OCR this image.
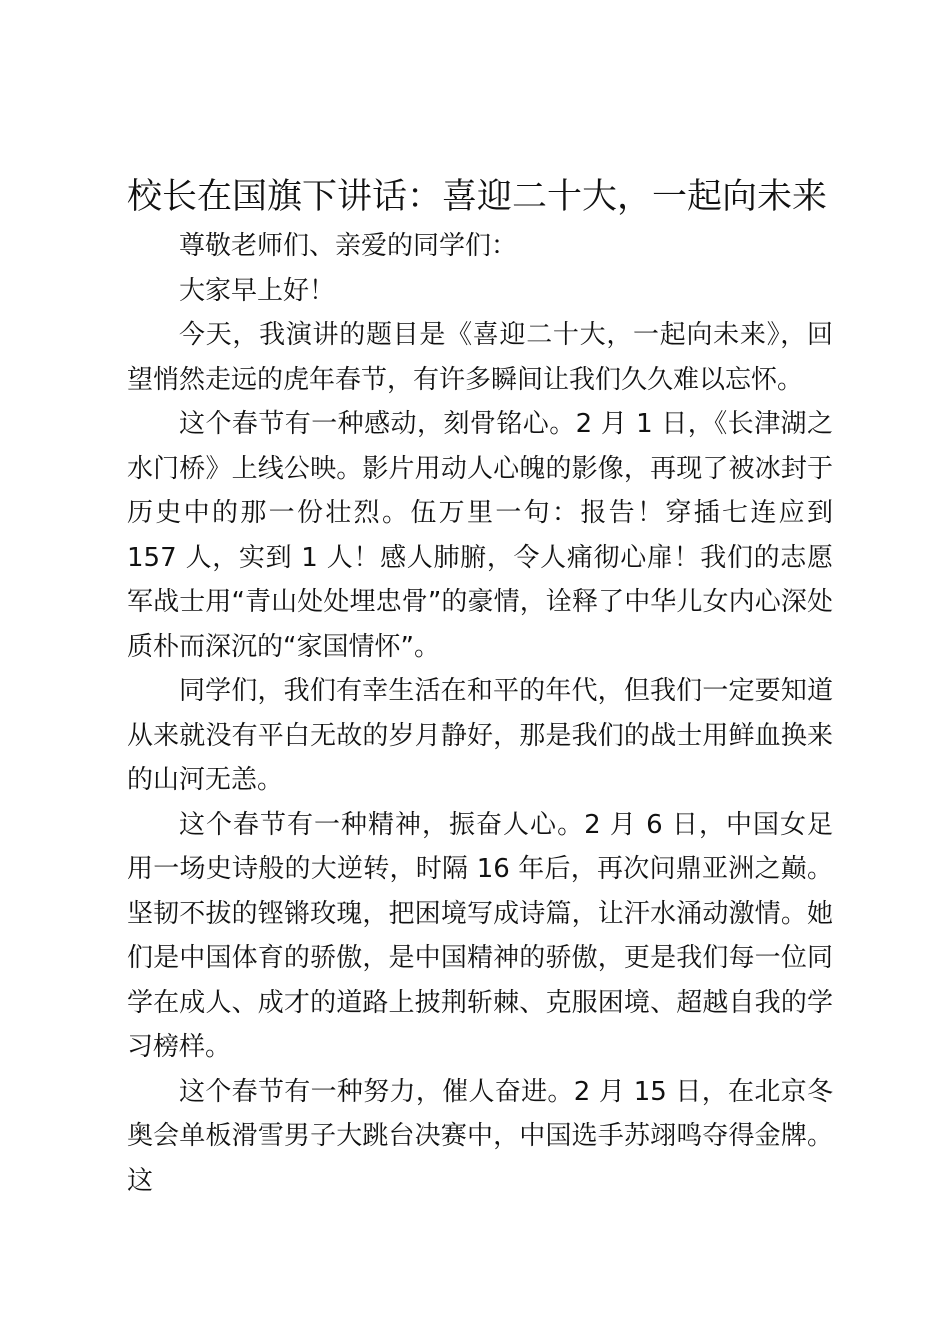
校长在国旗下讲话：喜迎二十大，一起向未来

尊敬老师们、亲爱的同学们：

大家早上好！

今天，我演讲的题目是《喜迎二十大，一起向未来》，回望悄然走远的虎年春节，有许多瞬间让我们久久难以忘怀。

这个春节有一种感动，刻骨铭心。2 月 1 日，《长津湖之水门桥》上线公映。影片用动人心魄的影像，再现了被冰封于历史中的那一份壮烈。伍万里一句：报告！穿插七连应到 157 人，实到 1 人！感人肺腑，令人痛彻心扉！我们的志愿军战士用“青山处处埋忠骨”的豪情，诠释了中华儿女内心深处质朴而深沉的“家国情怀”。

同学们，我们有幸生活在和平的年代，但我们一定要知道从来就没有平白无故的岁月静好，那是我们的战士用鲜血换来的山河无恙。

这个春节有一种精神，振奋人心。2 月 6 日，中国女足用一场史诗般的大逆转，时隔 16 年后，再次问鼎亚洲之巅。坚韧不拔的铿锵玫瑰，把困境写成诗篇，让汗水涌动激情。她们是中国体育的骄傲，是中国精神的骄傲，更是我们每一位同学在成人、成才的道路上披荆斩棘、克服困境、超越自我的学习榜样。

这个春节有一种努力，催人奋进。2 月 15 日，在北京冬奥会单板滑雪男子大跳台决赛中，中国选手苏翊鸣夺得金牌。这
